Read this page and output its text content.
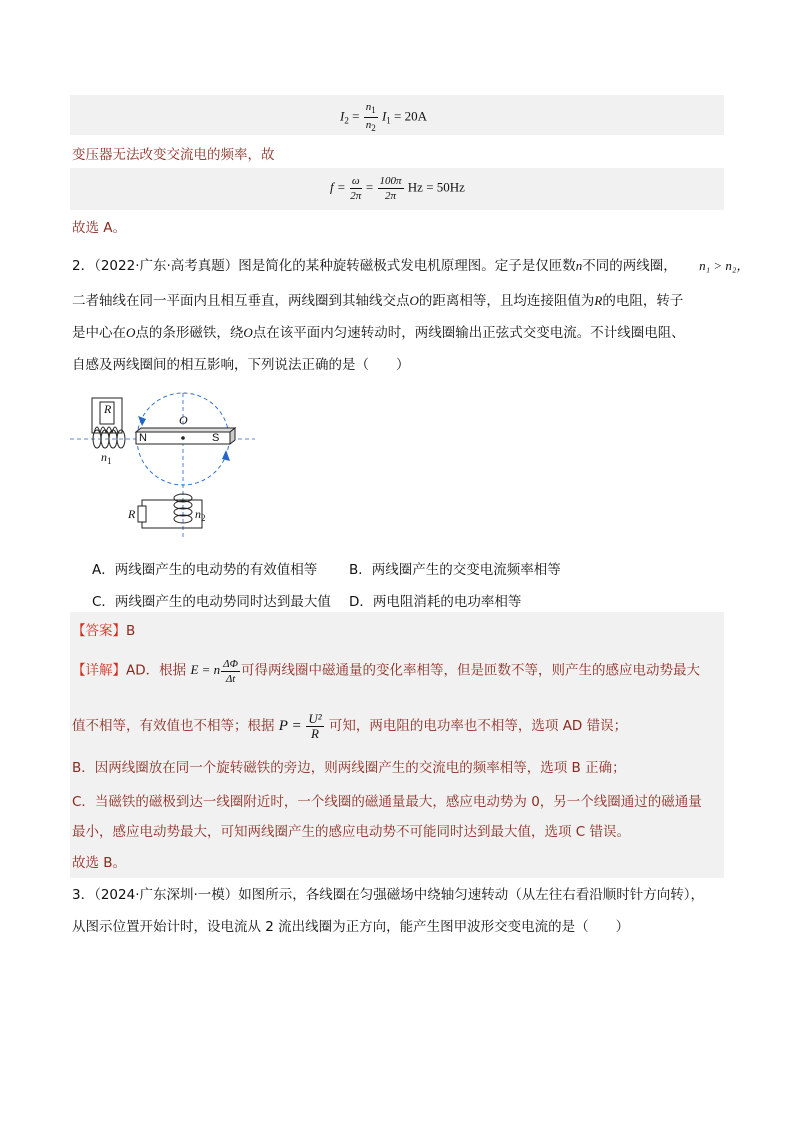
$I_2 = \frac{n_1}{n_2} I_1 = 20A$
变压器无法改变交流电的频率，故
$f = \frac{\omega}{2\pi} = \frac{100\pi}{2\pi}$ Hz = 50Hz
故选 A。
2．（2022·广东·高考真题）图是简化的某种旋转磁极式发电机原理图。定子是仅匝数n不同的两线圈， n₁ > n₂，
二者轴线在同一平面内且相互垂直，两线圈到其轴线交点O的距离相等，且均连接阻值为R的电阻，转子
是中心在O点的条形磁铁，绕O点在该平面内匀速转动时，两线圈输出正弦式交变电流。不计线圈电阻、
自感及两线圈间的相互影响，下列说法正确的是（　　）
R
$n_1$
O
N	S
R	$n_2$
A．两线圈产生的电动势的有效值相等 B．两线圈产生的交变电流频率相等
C．两线圈产生的电动势同时达到最大值 D．两电阻消耗的电功率相等
【答案】B
【详解】AD．根据 E = n $\frac{\Delta\Phi}{\Delta t}$ 可得两线圈中磁通量的变化率相等，但是匝数不等，则产生的感应电动势最大
值不相等，有效值也不相等；根据 $P = \frac{\text{U²}}{R}$ 可知，两电阻的电功率也不相等，选项 AD 错误；
B．因两线圈放在同一个旋转磁铁的旁边，则两线圈产生的交流电的频率相等，选项 B 正确；
C．当磁铁的磁极到达一线圈附近时，一个线圈的磁通量最大，感应电动势为 0，另一个线圈通过的磁通量
最小，感应电动势最大，可知两线圈产生的感应电动势不可能同时达到最大值，选项 C 错误。
故选 B。
3．（2024·广东深圳·一模）如图所示，各线圈在匀强磁场中绕轴匀速转动（从左往右看沿顺时针方向转），
从图示位置开始计时，设电流从 2 流出线圈为正方向，能产生图甲波形交变电流的是（　　）
